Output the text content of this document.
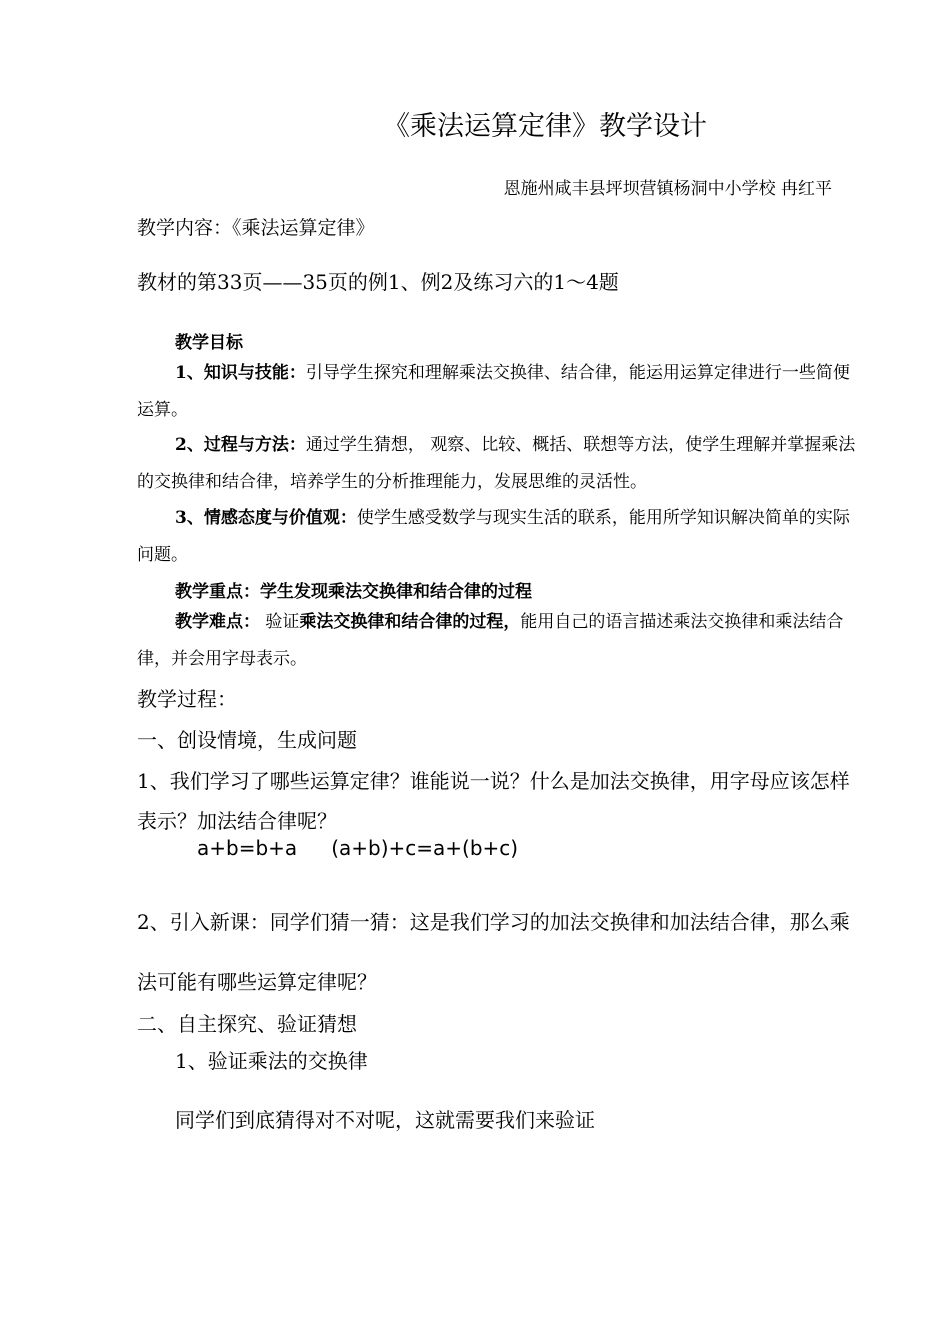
《乘法运算定律》教学设计
恩施州咸丰县坪坝营镇杨洞中小学校 冉红平
教学内容：《乘法运算定律》
教材的第33页——35页的例1、例2及练习六的1～4题
教学目标
1、知识与技能：引导学生探究和理解乘法交换律、结合律，能运用运算定律进行一些简便运算。
2、过程与方法：通过学生猜想， 观察、比较、概括、联想等方法，使学生理解并掌握乘法的交换律和结合律，培养学生的分析推理能力，发展思维的灵活性。
3、情感态度与价值观：使学生感受数学与现实生活的联系，能用所学知识解决简单的实际问题。
教学重点：学生发现乘法交换律和结合律的过程
教学难点： 验证乘法交换律和结合律的过程，能用自己的语言描述乘法交换律和乘法结合律，并会用字母表示。
教学过程：
一、创设情境，生成问题
1、我们学习了哪些运算定律？谁能说一说？什么是加法交换律，用字母应该怎样表示？加法结合律呢？
a+b=b+a (a+b)+c=a+(b+c)
2、引入新课：同学们猜一猜：这是我们学习的加法交换律和加法结合律，那么乘法可能有哪些运算定律呢？
二、自主探究、验证猜想
1、验证乘法的交换律
同学们到底猜得对不对呢，这就需要我们来验证
